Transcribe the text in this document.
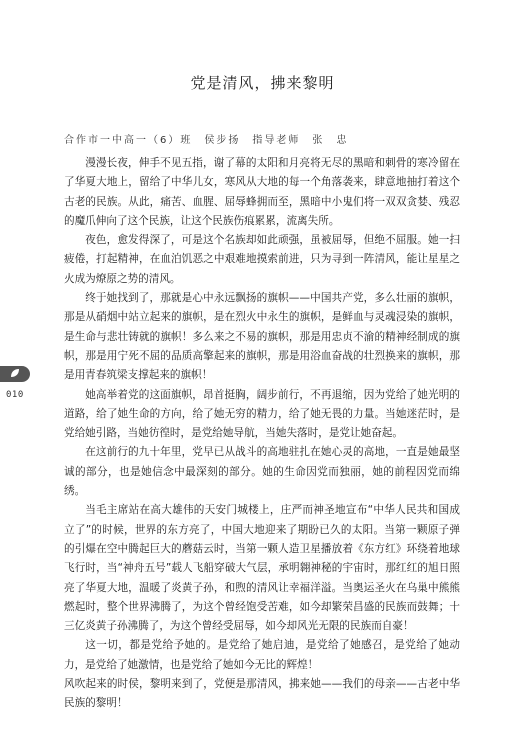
党是清风，拂来黎明
合作市一中高一（6）班　侯步扬　指导老师　张　忠

漫漫长夜，伸手不见五指，谢了幕的太阳和月亮将无尽的黑暗和刺骨的寒冷留在了华夏大地上，留给了中华儿女，寒风从大地的每一个角落袭来，肆意地抽打着这个古老的民族。从此，痛苦、血腥、屈辱蜂拥而至，黑暗中小鬼们将一双双贪婪、残忍的魔爪伸向了这个民族，让这个民族伤痕累累，流离失所。

夜色，愈发得深了，可是这个名族却如此顽强，虽被屈辱，但绝不屈服。她一扫疲倦，打起精神，在血泊饥恶之中艰难地摸索前进，只为寻到一阵清风，能让星星之火成为燎原之势的清风。

终于她找到了，那就是心中永远飘扬的旗帜——中国共产党，多么壮丽的旗帜，那是从硝烟中站立起来的旗帜，是在烈火中永生的旗帜，是鲜血与灵魂浸染的旗帜，是生命与悲壮铸就的旗帜！多么来之不易的旗帜，那是用忠贞不渝的精神经制成的旗帜，那是用宁死不屈的品质高擎起来的旗帜，那是用浴血奋战的壮烈换来的旗帜，那是用青春筑梁支撑起来的旗帜！

她高举着党的这面旗帜，昂首挺胸，阔步前行，不再退缩，因为党给了她光明的道路，给了她生命的方向，给了她无穷的精力，给了她无畏的力量。当她迷茫时，是党给她引路，当她彷徨时，是党给她导航，当她失落时，是党让她奋起。

在这前行的九十年里，党早已从战斗的高地驻扎在她心灵的高地，一直是她最坚诚的部分，也是她信念中最深刻的部分。她的生命因党而独丽，她的前程因党而绵绣。

当毛主席站在高大雄伟的天安门城楼上，庄严而神圣地宣布“中华人民共和国成立了”的时候，世界的东方亮了，中国大地迎来了期盼已久的太阳。当第一颗原子弹的引爆在空中腾起巨大的蘑菇云时，当第一颗人造卫星播放着《东方红》环绕着地球飞行时，当“神舟五号”载人飞船穿破大气层，承明翱神秘的宇宙时，那红红的旭日照亮了华夏大地，温暖了炎黄子孙，和煦的清风让幸福洋溢。当奥运圣火在乌巢中熊熊燃起时，整个世界沸腾了，为这个曾经饱受苦难，如今却繁荣昌盛的民族而鼓舞；十三亿炎黄子孙沸腾了，为这个曾经受屈辱，如今却风光无限的民族而自豪！

这一切，都是党给予她的。是党给了她启迪，是党给了她感召，是党给了她动力，是党给了她激情，也是党给了她如今无比的辉煌！

风吹起来的时侯，黎明来到了，党便是那清风，拂来她——我们的母亲——古老中华民族的黎明！

010
